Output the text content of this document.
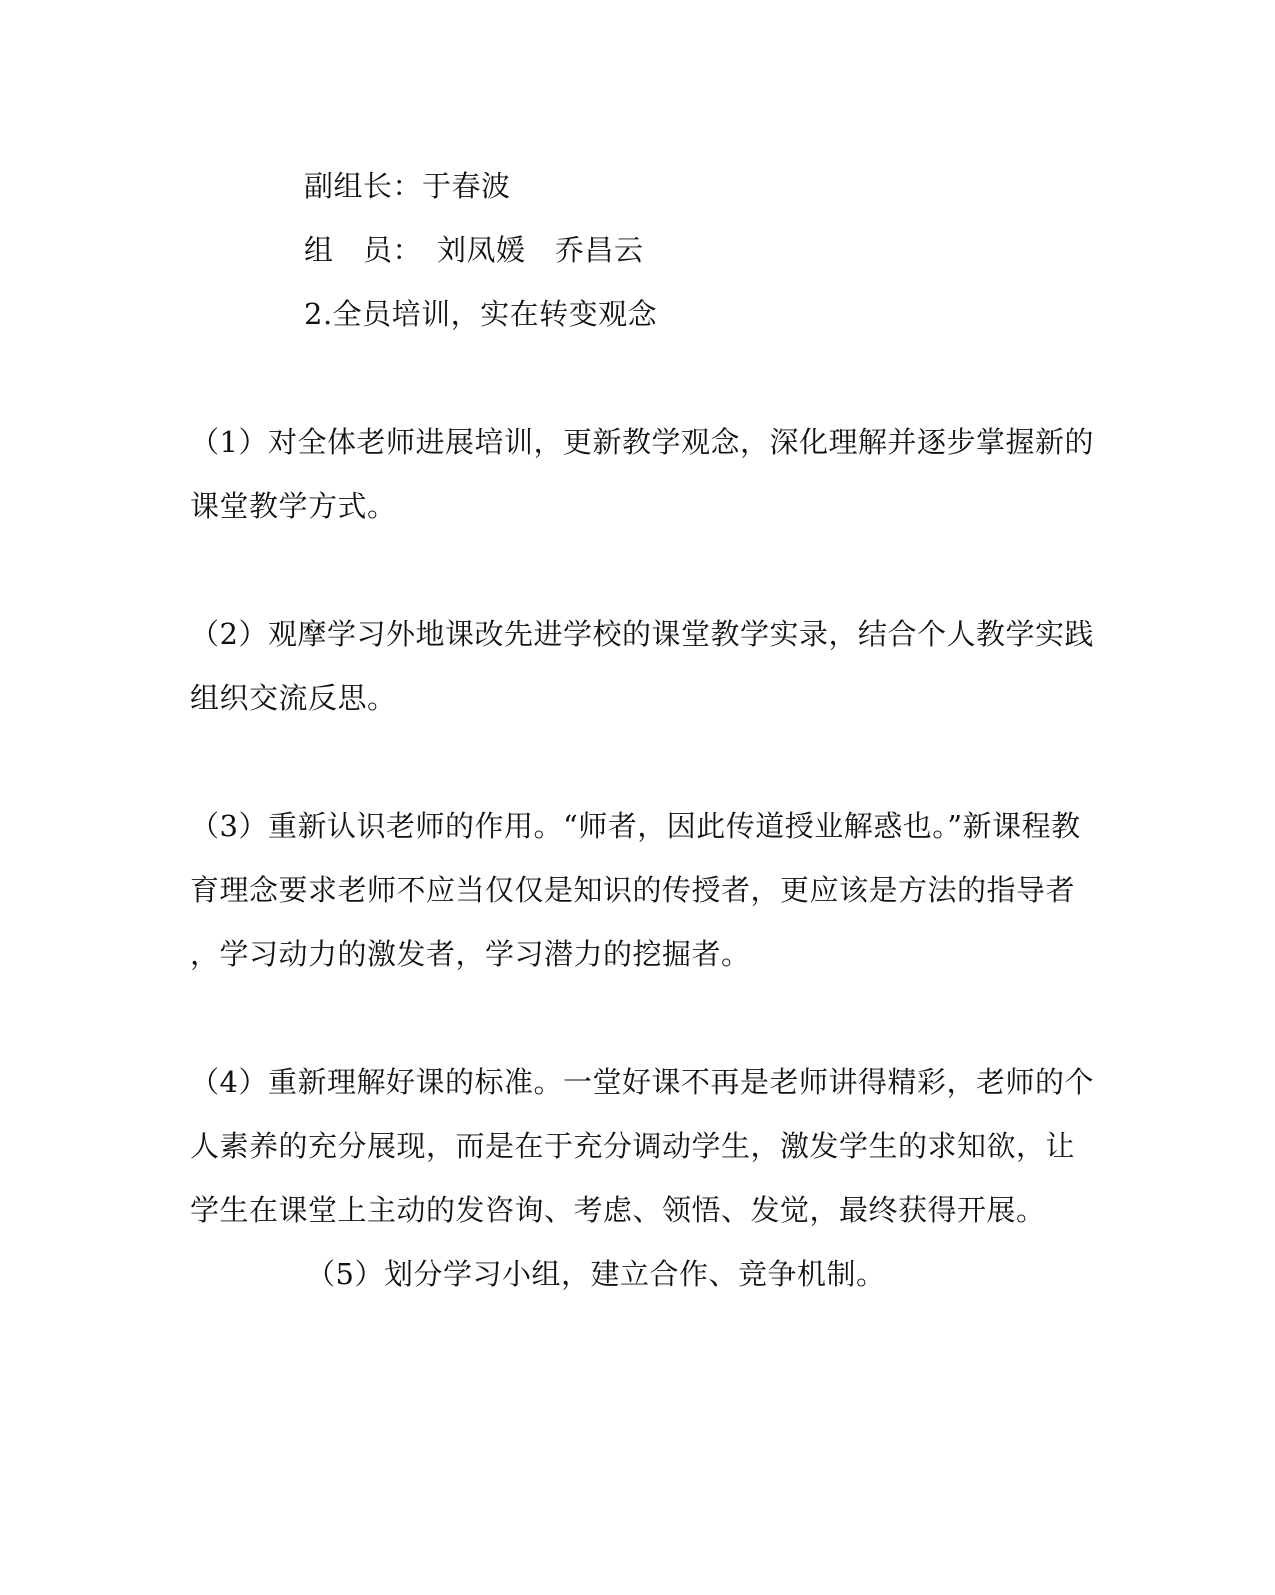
副组长：于春波
组　员：　刘凤媛　乔昌云
2.全员培训，实在转变观念
（1）对全体老师进展培训，更新教学观念，深化理解并逐步掌握新的
课堂教学方式。
（2）观摩学习外地课改先进学校的课堂教学实录，结合个人教学实践
组织交流反思。
（3）重新认识老师的作用。“师者，因此传道授业解惑也。”新课程教
育理念要求老师不应当仅仅是知识的传授者，更应该是方法的指导者
，学习动力的激发者，学习潜力的挖掘者。
（4）重新理解好课的标准。一堂好课不再是老师讲得精彩，老师的个
人素养的充分展现，而是在于充分调动学生，激发学生的求知欲，让
学生在课堂上主动的发咨询、考虑、领悟、发觉，最终获得开展。
（5）划分学习小组，建立合作、竞争机制。
